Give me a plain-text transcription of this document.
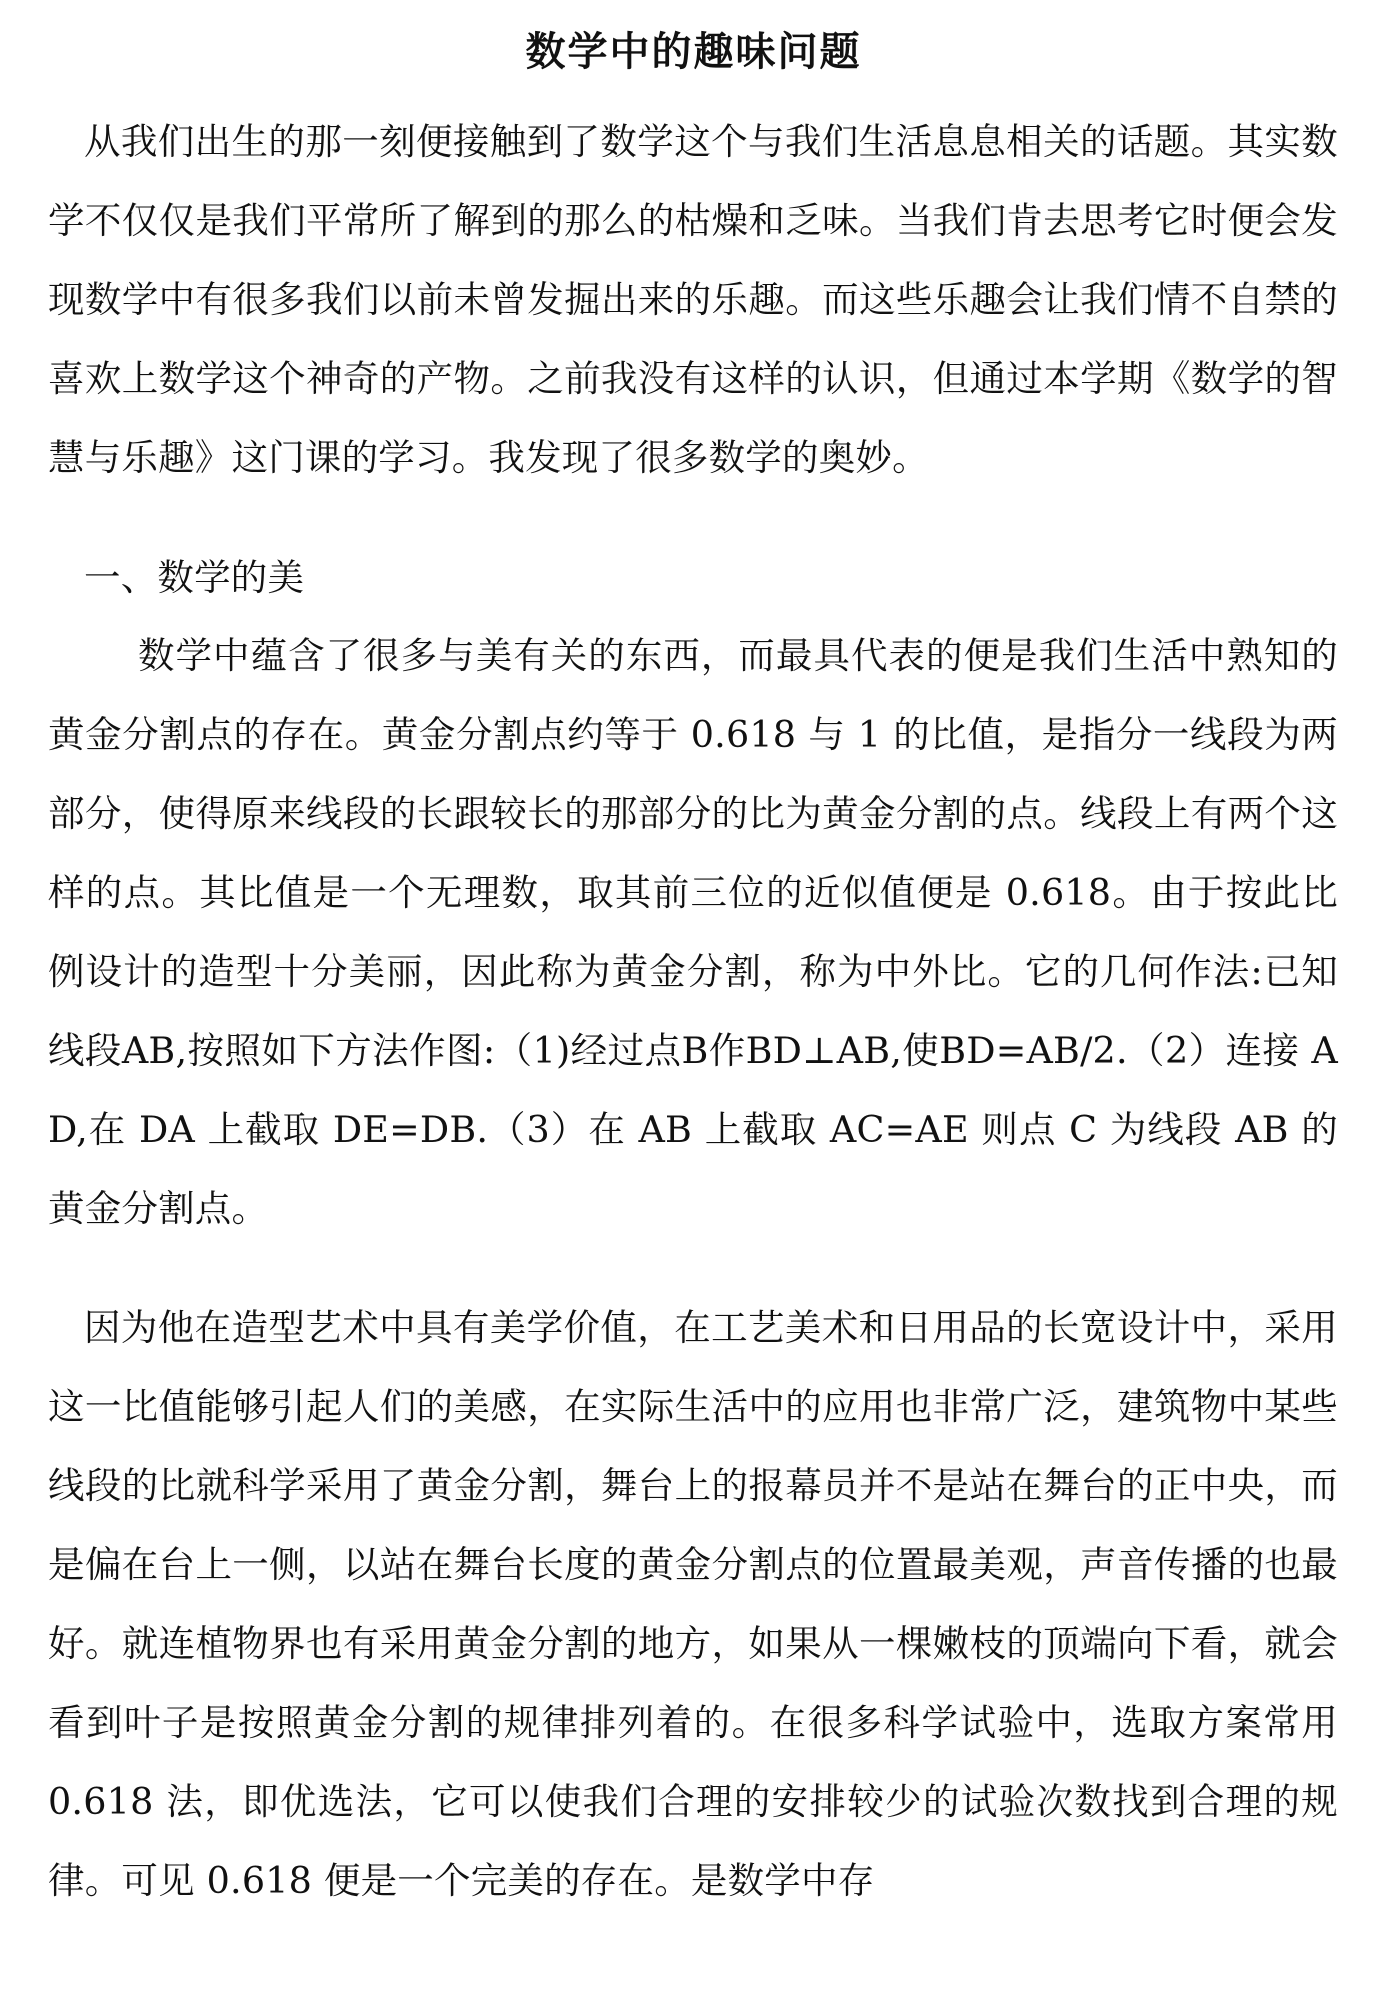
数学中的趣味问题

从我们出生的那一刻便接触到了数学这个与我们生活息息相关的话题。其实数学不仅仅是我们平常所了解到的那么的枯燥和乏味。当我们肯去思考它时便会发现数学中有很多我们以前未曾发掘出来的乐趣。而这些乐趣会让我们情不自禁的喜欢上数学这个神奇的产物。之前我没有这样的认识，但通过本学期《数学的智慧与乐趣》这门课的学习。我发现了很多数学的奥妙。

一、数学的美

数学中蕴含了很多与美有关的东西，而最具代表的便是我们生活中熟知的黄金分割点的存在。黄金分割点约等于 0.618 与 1 的比值，是指分一线段为两部分，使得原来线段的长跟较长的那部分的比为黄金分割的点。线段上有两个这样的点。其比值是一个无理数，取其前三位的近似值便是 0.618。由于按此比例设计的造型十分美丽，因此称为黄金分割，称为中外比。它的几何作法:已知线段AB,按照如下方法作图:（1)经过点B作BD⊥AB,使BD=AB/2.（2）连接 AD,在 DA 上截取 DE=DB.（3）在 AB 上截取 AC=AE 则点 C 为线段 AB 的黄金分割点。

因为他在造型艺术中具有美学价值，在工艺美术和日用品的长宽设计中，采用这一比值能够引起人们的美感，在实际生活中的应用也非常广泛，建筑物中某些线段的比就科学采用了黄金分割，舞台上的报幕员并不是站在舞台的正中央，而是偏在台上一侧，以站在舞台长度的黄金分割点的位置最美观，声音传播的也最好。就连植物界也有采用黄金分割的地方，如果从一棵嫩枝的顶端向下看，就会看到叶子是按照黄金分割的规律排列着的。在很多科学试验中，选取方案常用 0.618 法，即优选法，它可以使我们合理的安排较少的试验次数找到合理的规律。可见 0.618 便是一个完美的存在。是数学中存
